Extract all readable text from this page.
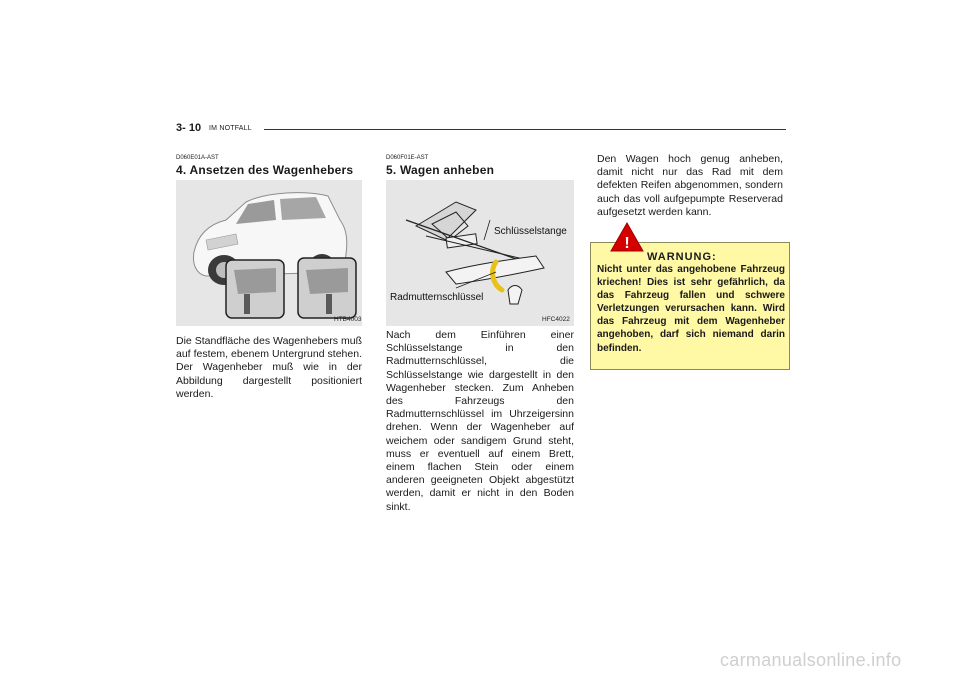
3- 10 IM NOTFALL
D060E01A-AST
4. Ansetzen des Wagenhebers
HTB4003
Die Standfläche des Wagenhebers muß auf festem, ebenem Untergrund stehen. Der Wagenheber muß wie in der Abbildung dargestellt positioniert werden.
D060F01E-AST
5. Wagen anheben
Schlüsselstange
Radmutternschlüssel
HFC4022
Nach dem Einführen einer Schlüsselstange in den Radmutternschlüssel, die Schlüsselstange wie dargestellt in den Wagenheber stecken. Zum Anheben des Fahrzeugs den Radmutternschlüssel im Uhrzeigersinn drehen. Wenn der Wagenheber auf weichem oder sandigem Grund steht, muss er eventuell auf einem Brett, einem flachen Stein oder einem anderen geeigneten Objekt abgestützt werden, damit er nicht in den Boden sinkt.
Den Wagen hoch genug anheben, damit nicht nur das Rad mit dem defekten Reifen abgenommen, sondern auch das voll aufgepumpte Reserverad aufgesetzt werden kann.
WARNUNG:
Nicht unter das angehobene Fahrzeug kriechen! Dies ist sehr gefährlich, da das Fahrzeug fallen und schwere Verletzungen verursachen kann. Wird das Fahrzeug mit dem Wagenheber angehoben, darf sich niemand darin befinden.
!
carmanualsonline.info
